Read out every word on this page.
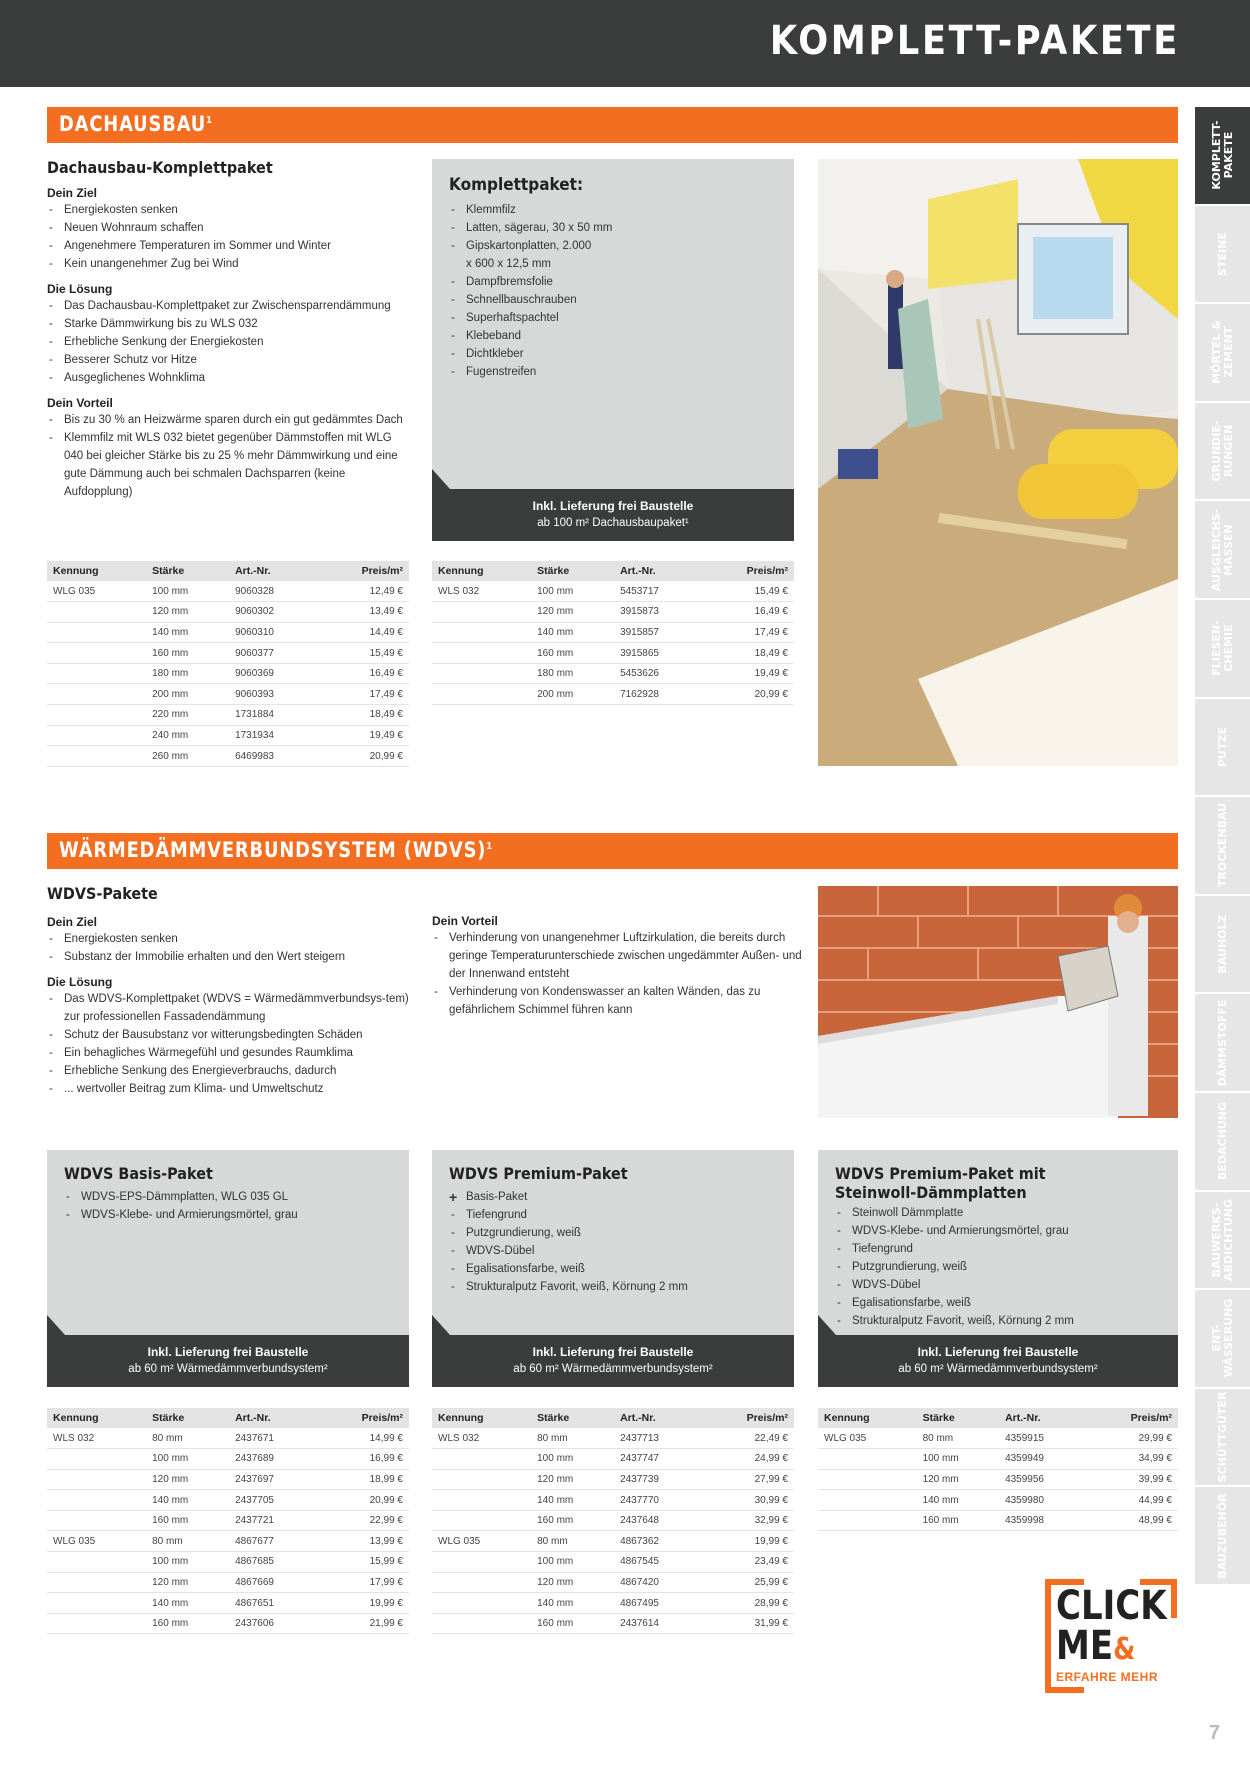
KOMPLETT-PAKETE
DACHAUSBAU$^1$
Dachausbau-Komplettpaket
Dein Ziel
- Energiekosten senken
- Neuen Wohnraum schaffen
- Angenehmere Temperaturen im Sommer und Winter
- Kein unangenehmer Zug bei Wind
Die Lösung
- Das Dachausbau-Komplettpaket zur Zwischensparrendämmung
- Starke Dämmwirkung bis zu WLS 032
- Erhebliche Senkung der Energiekosten
- Besserer Schutz vor Hitze
- Ausgeglichenes Wohnklima
Dein Vorteil
- Bis zu 30 % an Heizwärme sparen durch ein gut gedämmtes Dach
- Klemmfilz mit WLS 032 bietet gegenüber Dämmstoffen mit WLG 040 bei gleicher Stärke bis zu 25 % mehr Dämmwirkung und eine gute Dämmung auch bei schmalen Dachsparren (keine Aufdopplung)
Komplettpaket:
- Klemmfilz
- Latten, sägerau, 30 x 50 mm
- Gipskartonplatten, 2.000 x 600 x 12,5 mm
- Dampfbremsfolie
- Schnellbauschrauben
- Superhaftspachtel
- Klebeband
- Dichtkleber
- Fugenstreifen
Inkl. Lieferung frei Baustelle
ab 100 m² Dachausbaupaket¹
Kennung	Stärke	Art.-Nr.	Preis/m²
WLG 035	100 mm	9060328	12,49 €
	120 mm	9060302	13,49 €
	140 mm	9060310	14,49 €
	160 mm	9060377	15,49 €
	180 mm	9060369	16,49 €
	200 mm	9060393	17,49 €
	220 mm	1731884	18,49 €
	240 mm	1731934	19,49 €
	260 mm	6469983	20,99 €
Kennung	Stärke	Art.-Nr.	Preis/m²
WLS 032	100 mm	5453717	15,49 €
	120 mm	3915873	16,49 €
	140 mm	3915857	17,49 €
	160 mm	3915865	18,49 €
	180 mm	5453626	19,49 €
	200 mm	7162928	20,99 €
WÄRMEDÄMMVERBUNDSYSTEM (WDVS)$^1$
WDVS-Pakete
Dein Ziel
- Energiekosten senken
- Substanz der Immobilie erhalten und den Wert steigern
Die Lösung
- Das WDVS-Komplettpaket (WDVS = Wärmedämmverbundsys-tem) zur professionellen Fassadendämmung
- Schutz der Bausubstanz vor witterungsbedingten Schäden
- Ein behagliches Wärmegefühl und gesundes Raumklima
- Erhebliche Senkung des Energieverbrauchs, dadurch
- ... wertvoller Beitrag zum Klima- und Umweltschutz
Dein Vorteil
- Verhinderung von unangenehmer Luftzirkulation, die bereits durch geringe Temperaturunterschiede zwischen ungedämmter Außen- und der Innenwand entsteht
- Verhinderung von Kondenswasser an kalten Wänden, das zu gefährlichem Schimmel führen kann
WDVS Basis-Paket
- WDVS-EPS-Dämmplatten, WLG 035 GL
- WDVS-Klebe- und Armierungsmörtel, grau
Inkl. Lieferung frei Baustelle
ab 60 m² Wärmedämmverbundsystem²
WDVS Premium-Paket
+ Basis-Paket
- Tiefengrund
- Putzgrundierung, weiß
- WDVS-Dübel
- Egalisationsfarbe, weiß
- Strukturalputz Favorit, weiß, Körnung 2 mm
Inkl. Lieferung frei Baustelle
ab 60 m² Wärmedämmverbundsystem²
WDVS Premium-Paket mit
Steinwoll-Dämmplatten
- Steinwoll Dämmplatte
- WDVS-Klebe- und Armierungsmörtel, grau
- Tiefengrund
- Putzgrundierung, weiß
- WDVS-Dübel
- Egalisationsfarbe, weiß
- Strukturalputz Favorit, weiß, Körnung 2 mm
Inkl. Lieferung frei Baustelle
ab 60 m² Wärmedämmverbundsystem²
Kennung	Stärke	Art.-Nr.	Preis/m²
WLS 032	80 mm	2437671	14,99 €
	100 mm	2437689	16,99 €
	120 mm	2437697	18,99 €
	140 mm	2437705	20,99 €
	160 mm	2437721	22,99 €
WLG 035	80 mm	4867677	13,99 €
	100 mm	4867685	15,99 €
	120 mm	4867669	17,99 €
	140 mm	4867651	19,99 €
	160 mm	2437606	21,99 €
Kennung	Stärke	Art.-Nr.	Preis/m²
WLS 032	80 mm	2437713	22,49 €
	100 mm	2437747	24,99 €
	120 mm	2437739	27,99 €
	140 mm	2437770	30,99 €
	160 mm	2437648	32,99 €
WLG 035	80 mm	4867362	19,99 €
	100 mm	4867545	23,49 €
	120 mm	4867420	25,99 €
	140 mm	4867495	28,99 €
	160 mm	2437614	31,99 €
Kennung	Stärke	Art.-Nr.	Preis/m²
WLG 035	80 mm	4359915	29,99 €
	100 mm	4359949	34,99 €
	120 mm	4359956	39,99 €
	140 mm	4359980	44,99 €
	160 mm	4359998	48,99 €
CLICK
ME&
ERFAHRE MEHR
KOMPLETT-
PAKETE
STEINE
MÖRTEL &
ZEMENT
GRUNDIE-
RUNGEN
AUSGLEICHS-
MASSEN
FLIESEN-
CHEMIE
PUTZE
TROCKENBAU
BAUHOLZ
DÄMMSTOFFE
BEDACHUNG
BAUWERKS-
ABDICHTUNG
ENT-
WÄSSERUNG
SCHÜTTGÜTER
BAUZUBEHÖR
7
